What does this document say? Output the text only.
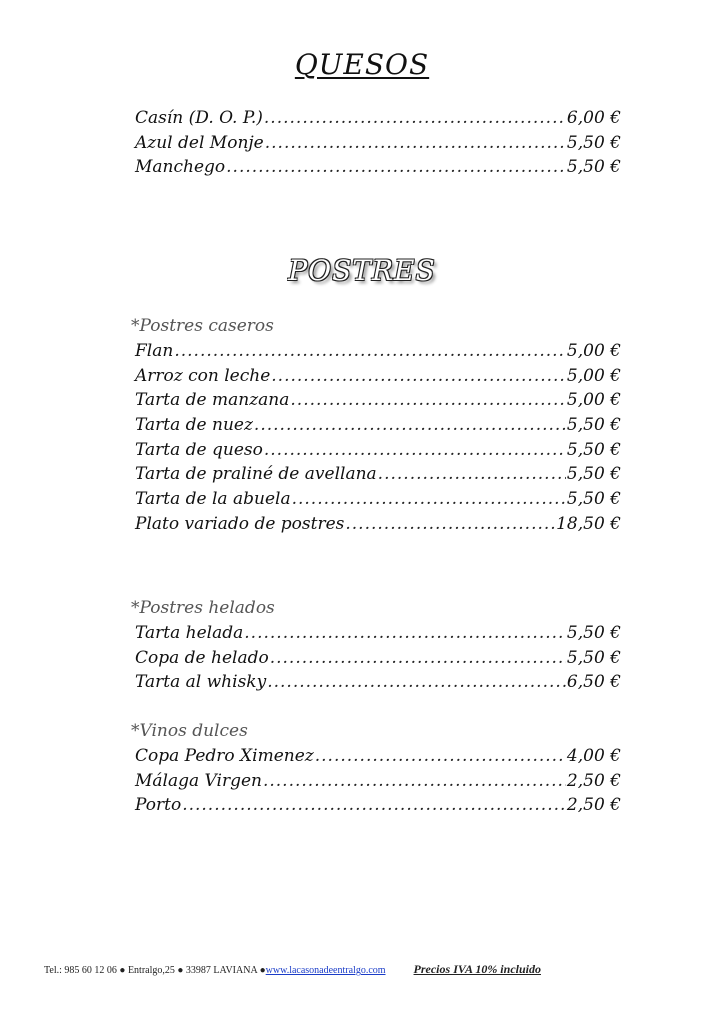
QUESOS
Casín (D. O. P.) .....	6,00 €
Azul del Monje .....	5,50 €
Manchego .....	5,50 €
POSTRES
*Postres caseros
Flan .....	5,00 €
Arroz con leche .....	5,00 €
Tarta de manzana .....	5,00 €
Tarta de nuez .....	5,50 €
Tarta de queso .....	5,50 €
Tarta de praliné de avellana .....	5,50 €
Tarta de la abuela .....	5,50 €
Plato variado de postres .....	18,50 €
*Postres helados
Tarta helada .....	5,50 €
Copa de helado .....	5,50 €
Tarta al whisky .....	6,50 €
*Vinos dulces
Copa Pedro Ximenez .....	4,00 €
Málaga Virgen .....	2,50 €
Porto .....	2,50 €
Tel.: 985 60 12 06 ● Entralgo,25 ● 33987 LAVIANA ● www.lacasonadeentralgo.com Precios IVA 10% incluido
